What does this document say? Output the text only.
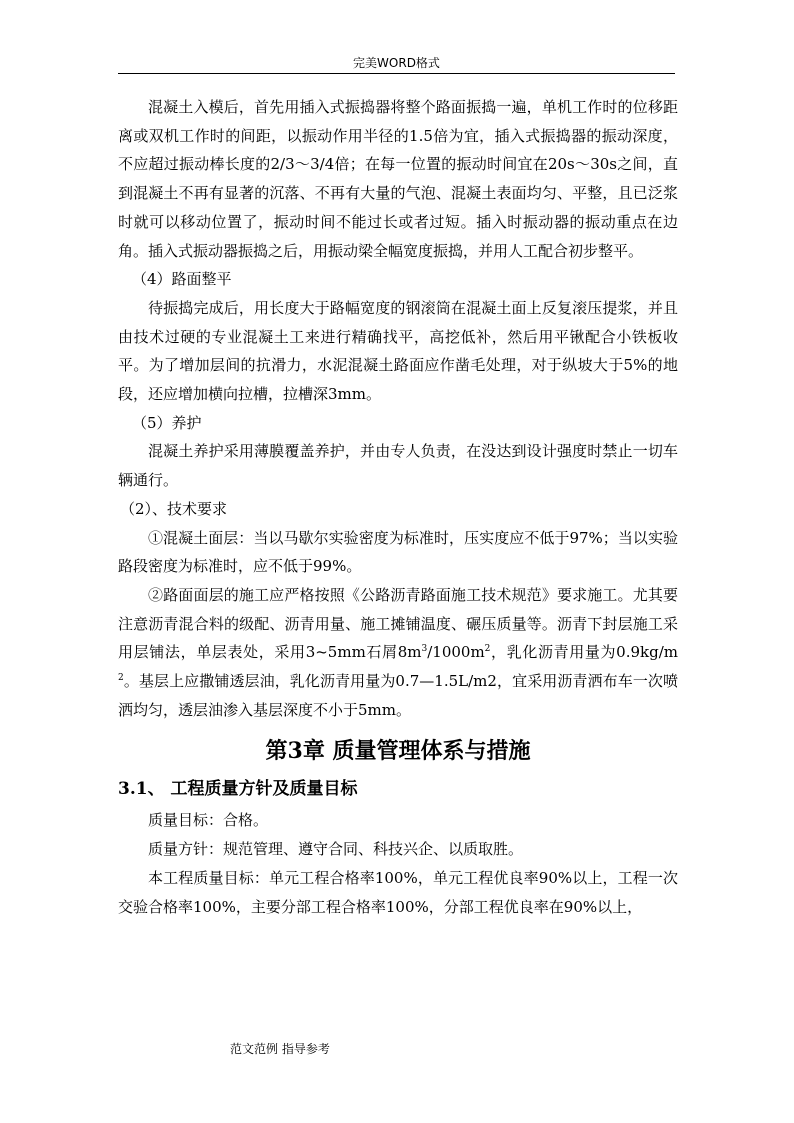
完美WORD格式

混凝土入模后，首先用插入式振捣器将整个路面振捣一遍，单机工作时的位移距离或双机工作时的间距，以振动作用半径的1.5倍为宜，插入式振捣器的振动深度，不应超过振动棒长度的2/3～3/4倍；在每一位置的振动时间宜在20s～30s之间，直到混凝土不再有显著的沉落、不再有大量的气泡、混凝土表面均匀、平整，且已泛浆时就可以移动位置了，振动时间不能过长或者过短。插入时振动器的振动重点在边角。插入式振动器振捣之后，用振动梁全幅宽度振捣，并用人工配合初步整平。

（4）路面整平

待振捣完成后，用长度大于路幅宽度的钢滚筒在混凝土面上反复滚压提浆，并且由技术过硬的专业混凝土工来进行精确找平，高挖低补，然后用平锹配合小铁板收平。为了增加层间的抗滑力，水泥混凝土路面应作凿毛处理，对于纵坡大于5%的地段，还应增加横向拉槽，拉槽深3mm。

（5）养护

混凝土养护采用薄膜覆盖养护，并由专人负责，在没达到设计强度时禁止一切车辆通行。

（2）、技术要求

①混凝土面层：当以马歇尔实验密度为标准时，压实度应不低于97%；当以实验路段密度为标准时，应不低于99%。

②路面面层的施工应严格按照《公路沥青路面施工技术规范》要求施工。尤其要注意沥青混合料的级配、沥青用量、施工摊铺温度、碾压质量等。沥青下封层施工采用层铺法，单层表处，采用3~5mm石屑$8m^3/1000m^2$，乳化沥青用量为$0.9kg/m^2$。基层上应撒铺透层油，乳化沥青用量为0.7—1.5L/m2，宜采用沥青洒布车一次喷洒均匀，透层油渗入基层深度不小于5mm。

第3章 质量管理体系与措施
3.1、 工程质量方针及质量目标

质量目标：合格。

质量方针：规范管理、遵守合同、科技兴企、以质取胜。

本工程质量目标：单元工程合格率100%，单元工程优良率90%以上，工程一次交验合格率100%，主要分部工程合格率100%，分部工程优良率在90%以上，

范文范例 指导参考
